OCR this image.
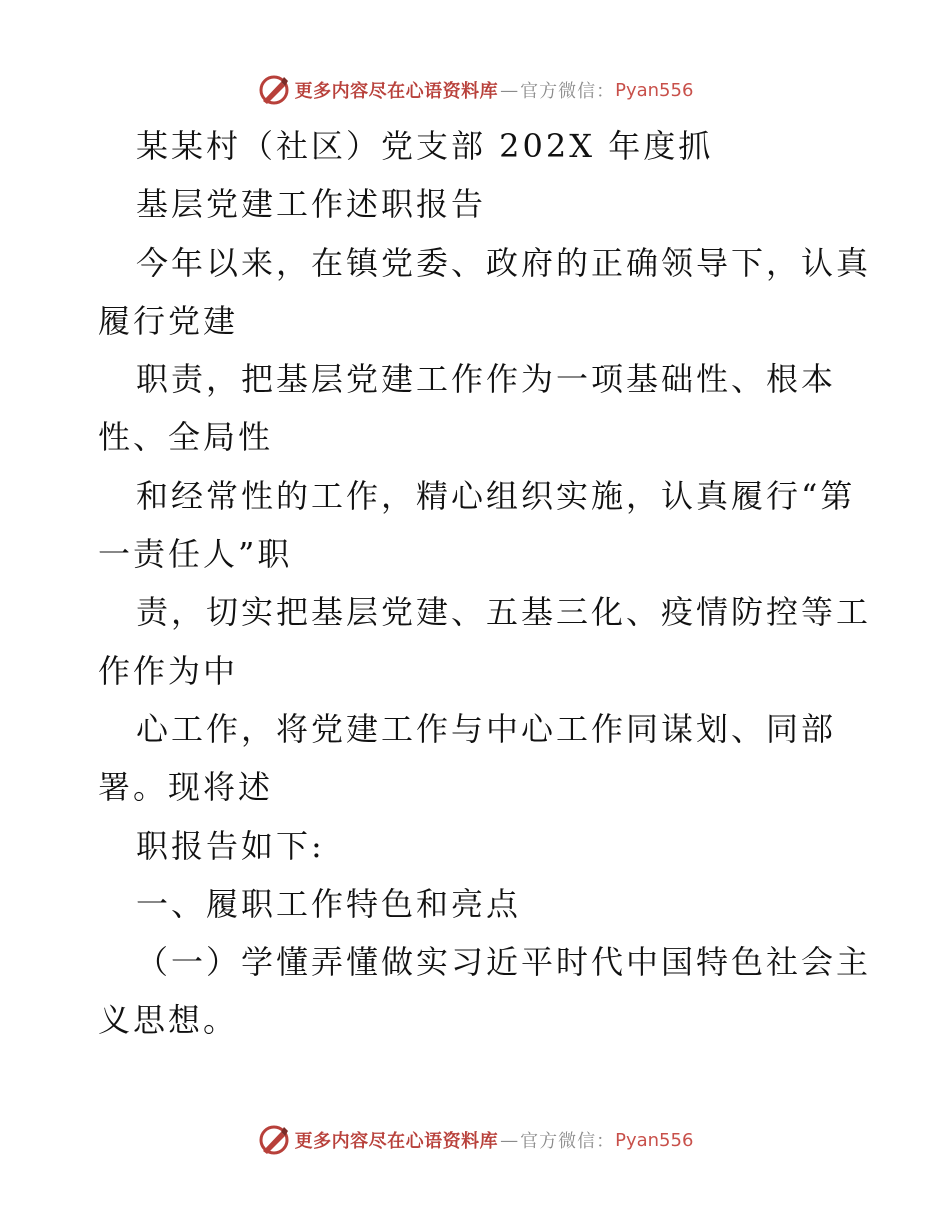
更多内容尽在心语资料库 — 官方微信： Pyan556
某某村（社区）党支部 202X 年度抓
基层党建工作述职报告
今年以来，在镇党委、政府的正确领导下，认真
履行党建
职责，把基层党建工作作为一项基础性、根本
性、全局性
和经常性的工作，精心组织实施，认真履行“第
一责任人”职
责，切实把基层党建、五基三化、疫情防控等工
作作为中
心工作，将党建工作与中心工作同谋划、同部
署。现将述
职报告如下:
一、履职工作特色和亮点
（一）学懂弄懂做实习近平时代中国特色社会主
义思想。
更多内容尽在心语资料库 — 官方微信： Pyan556
